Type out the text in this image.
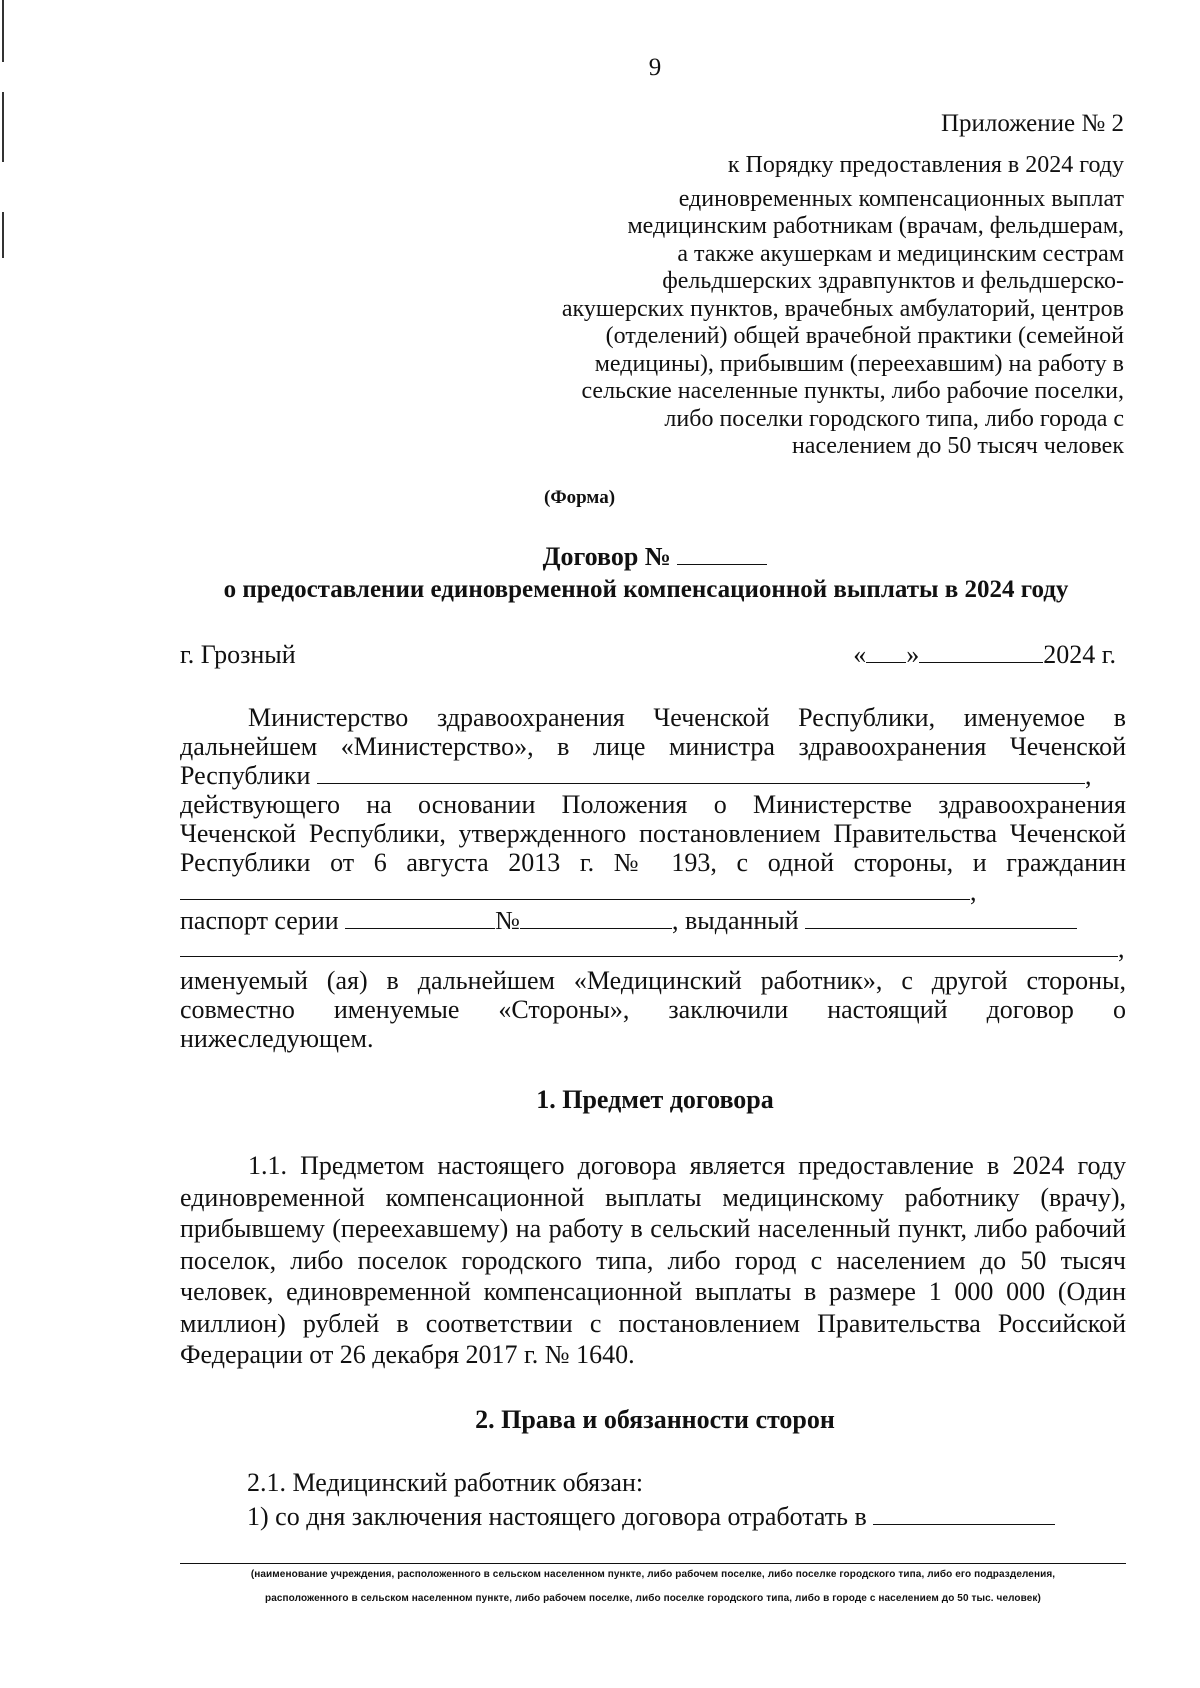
9
Приложение № 2
к Порядку предоставления в 2024 году
единовременных компенсационных выплат
медицинским работникам (врачам, фельдшерам,
а также акушеркам и медицинским сестрам
фельдшерских здравпунктов и фельдшерско-
акушерских пунктов, врачебных амбулаторий, центров
(отделений) общей врачебной практики (семейной
медицины), прибывшим (переехавшим) на работу в
сельские населенные пункты, либо рабочие поселки,
либо поселки городского типа, либо города с
населением до 50 тысяч человек
(Форма)
Договор №
о предоставлении единовременной компенсационной выплаты в 2024 году
г. Грозный	« »	2024 г.
Министерство здравоохранения Чеченской Республики, именуемое в дальнейшем «Министерство», в лице министра здравоохранения Чеченской Республики	,
действующего на основании Положения о Министерстве здравоохранения Чеченской Республики, утвержденного постановлением Правительства Чеченской Республики от 6 августа 2013 г. № 193, с одной стороны, и гражданин ,
паспорт серии	№	, выданный
,
именуемый (ая) в дальнейшем «Медицинский работник», с другой стороны, совместно именуемые «Стороны», заключили настоящий договор о нижеследующем.
1. Предмет договора
1.1. Предметом настоящего договора является предоставление в 2024 году единовременной компенсационной выплаты медицинскому работнику (врачу), прибывшему (переехавшему) на работу в сельский населенный пункт, либо рабочий поселок, либо поселок городского типа, либо город с населением до 50 тысяч человек, единовременной компенсационной выплаты в размере 1 000 000 (Один миллион) рублей в соответствии с постановлением Правительства Российской Федерации от 26 декабря 2017 г. № 1640.
2. Права и обязанности сторон
2.1. Медицинский работник обязан:
1) со дня заключения настоящего договора отработать в
(наименование учреждения, расположенного в сельском населенном пункте, либо рабочем поселке, либо поселке городского типа, либо его подразделения,
расположенного в сельском населенном пункте, либо рабочем поселке, либо поселке городского типа, либо в городе с населением до 50 тыс. человек)
